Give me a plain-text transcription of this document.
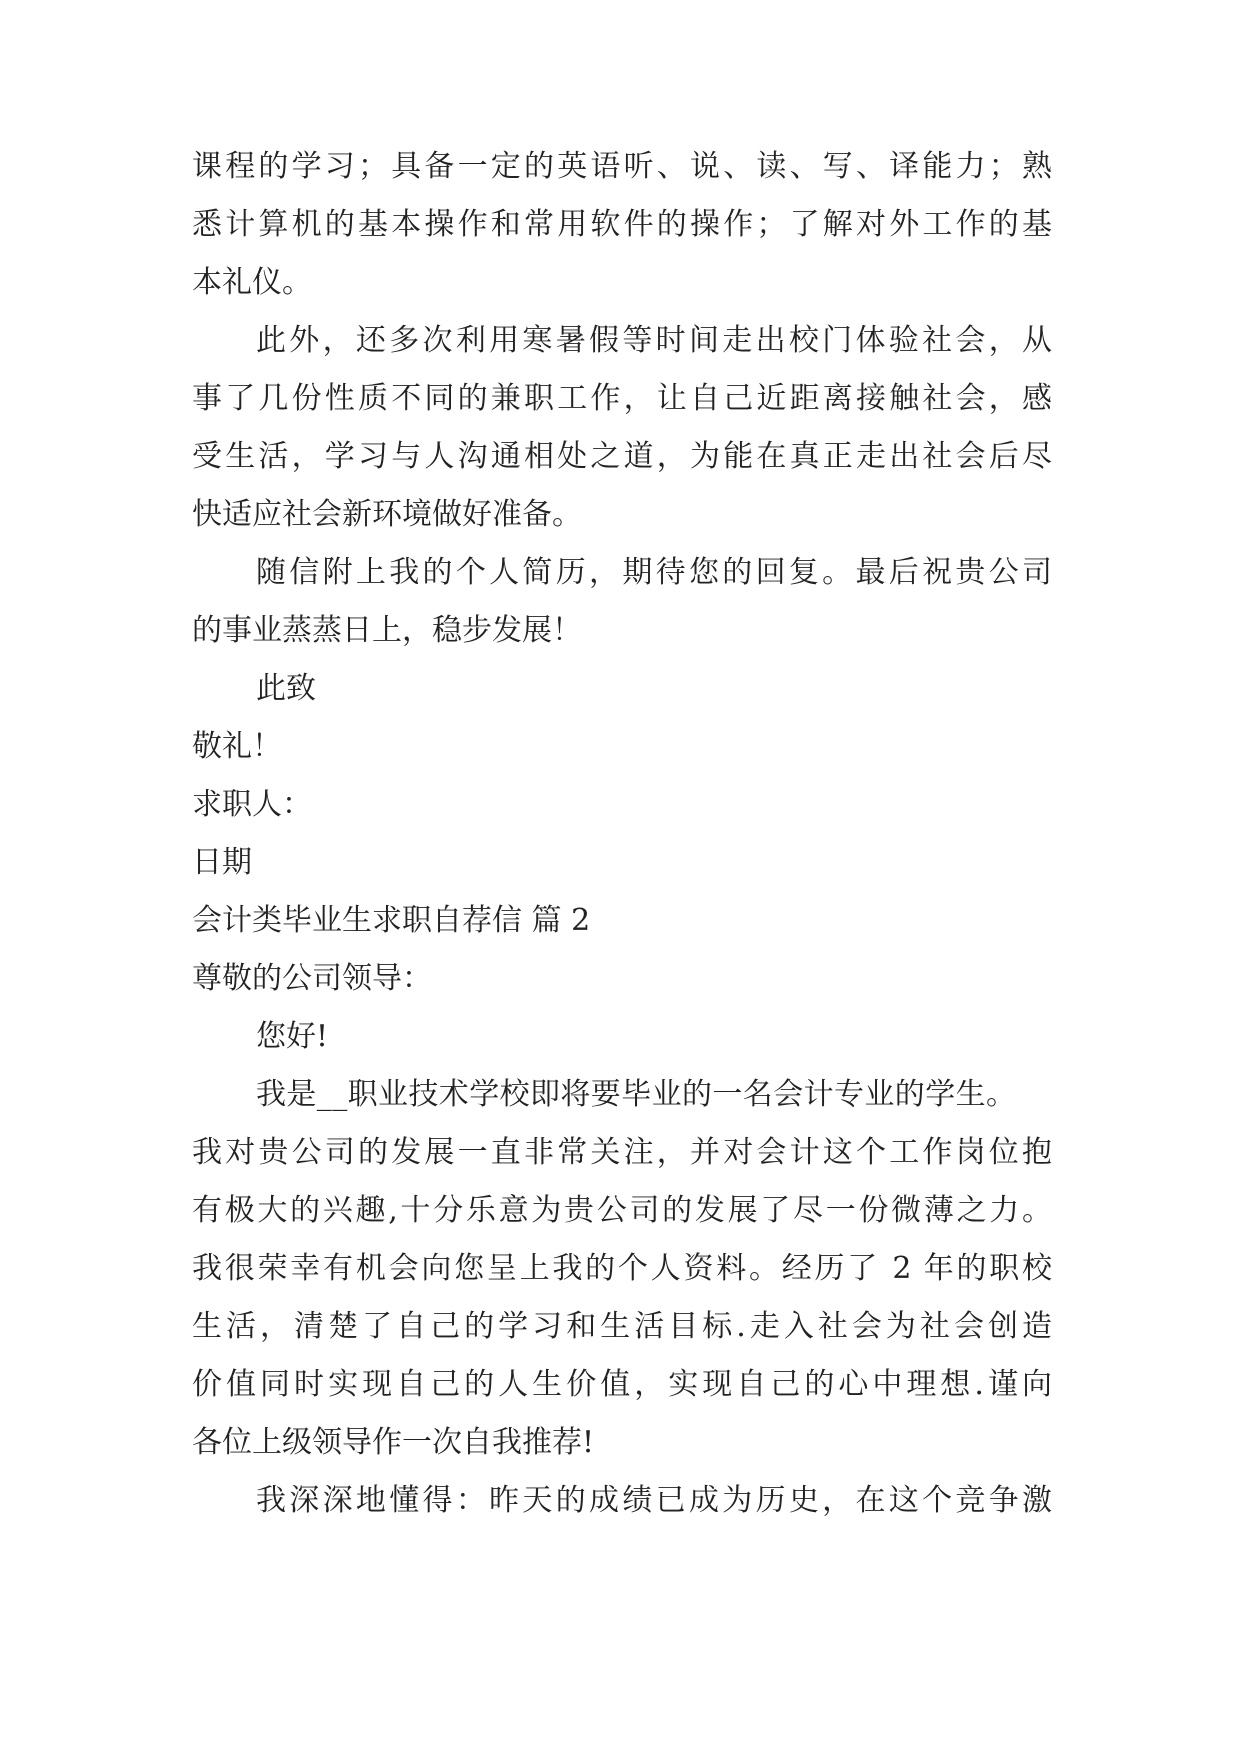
课程的学习；具备一定的英语听、说、读、写、译能力；熟
悉计算机的基本操作和常用软件的操作；了解对外工作的基
本礼仪。
此外，还多次利用寒暑假等时间走出校门体验社会，从
事了几份性质不同的兼职工作，让自己近距离接触社会，感
受生活，学习与人沟通相处之道，为能在真正走出社会后尽
快适应社会新环境做好准备。
随信附上我的个人简历，期待您的回复。最后祝贵公司
的事业蒸蒸日上，稳步发展！
此致
敬礼！
求职人：
日期
会计类毕业生求职自荐信 篇 2
尊敬的公司领导：
您好!
我是__职业技术学校即将要毕业的一名会计专业的学生。
我对贵公司的发展一直非常关注，并对会计这个工作岗位抱
有极大的兴趣,十分乐意为贵公司的发展了尽一份微薄之力。
我很荣幸有机会向您呈上我的个人资料。经历了 2 年的职校
生活，清楚了自己的学习和生活目标.走入社会为社会创造
价值同时实现自己的人生价值，实现自己的心中理想.谨向
各位上级领导作一次自我推荐!
我深深地懂得：昨天的成绩已成为历史，在这个竞争激
